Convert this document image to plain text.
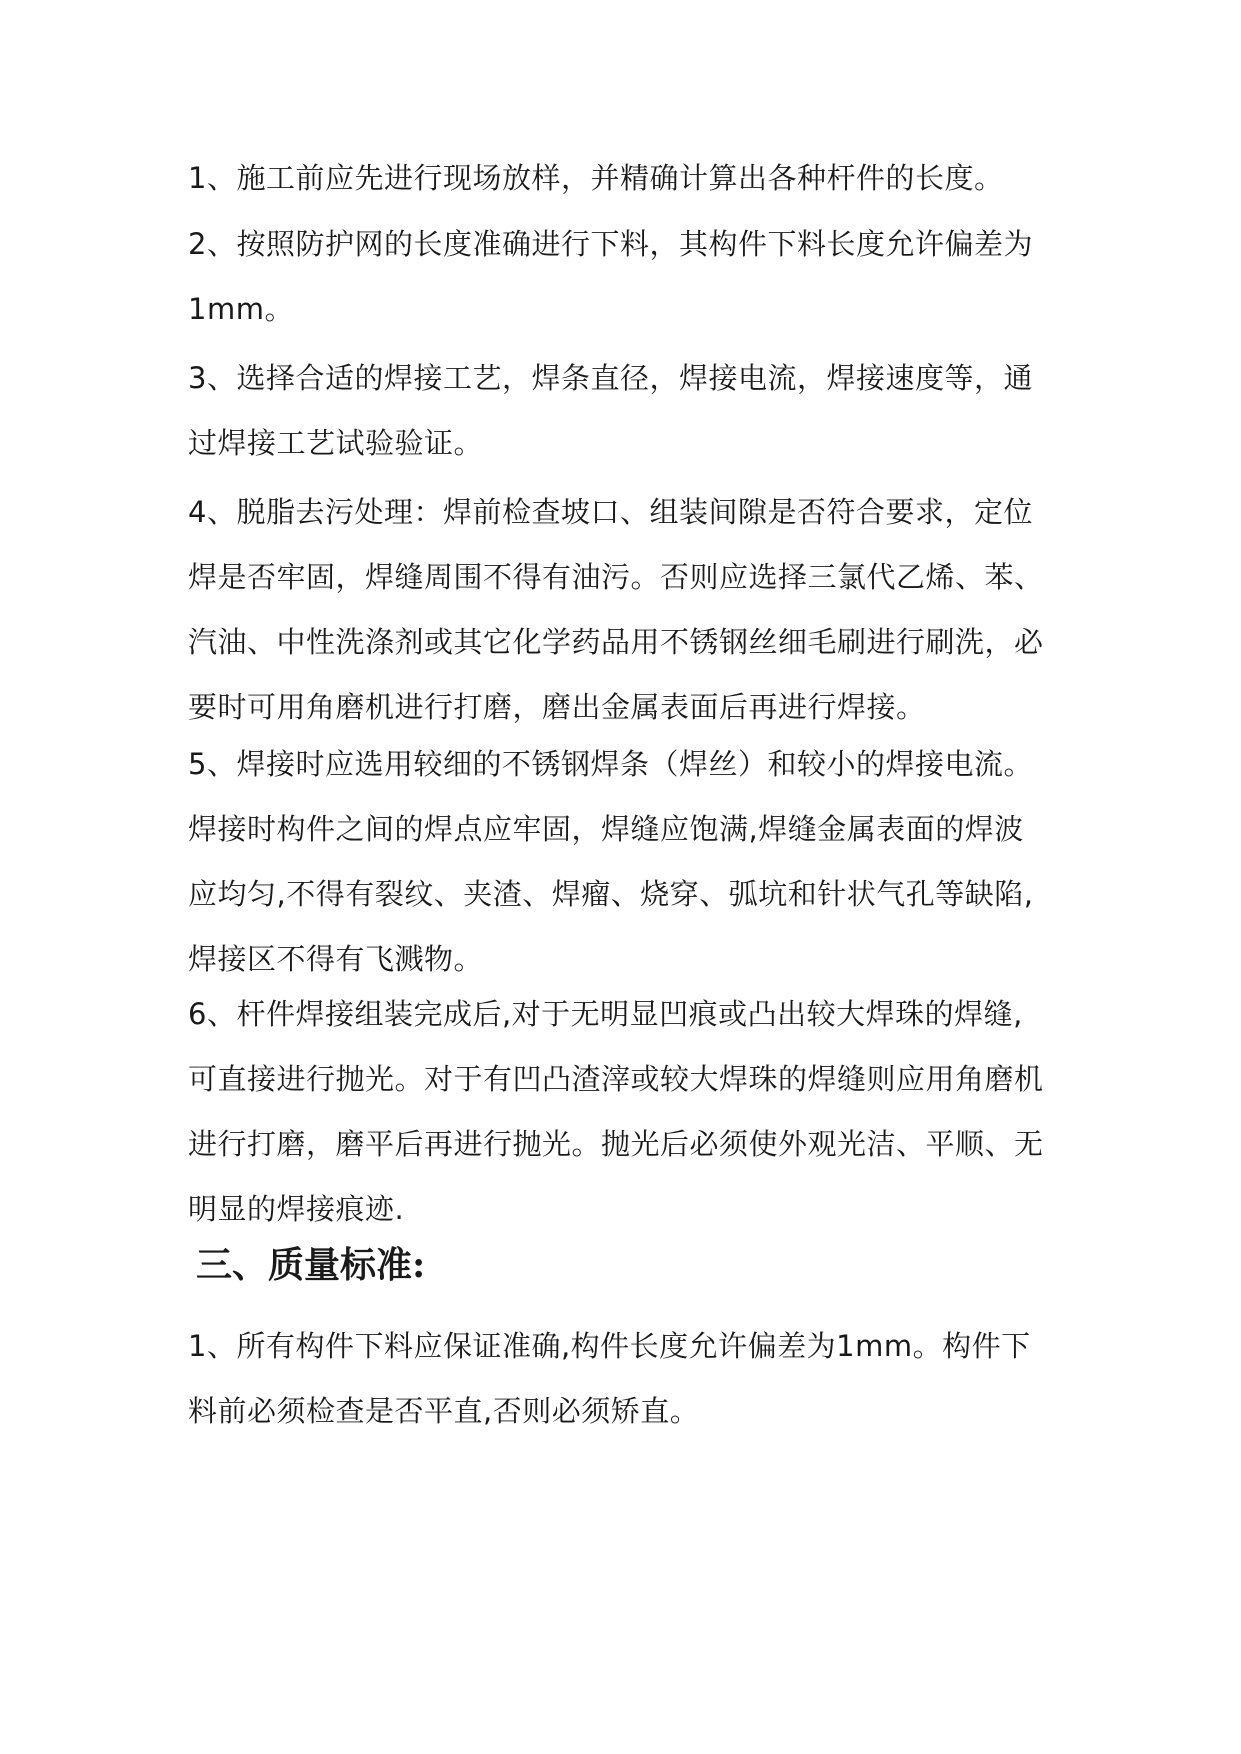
1、施工前应先进行现场放样，并精确计算出各种杆件的长度。

2、按照防护网的长度准确进行下料，其构件下料长度允许偏差为1mm。

3、选择合适的焊接工艺，焊条直径，焊接电流，焊接速度等，通过焊接工艺试验验证。

4、脱脂去污处理：焊前检查坡口、组装间隙是否符合要求，定位焊是否牢固，焊缝周围不得有油污。否则应选择三氯代乙烯、苯、汽油、中性洗涤剂或其它化学药品用不锈钢丝细毛刷进行刷洗，必要时可用角磨机进行打磨，磨出金属表面后再进行焊接。

5、焊接时应选用较细的不锈钢焊条（焊丝）和较小的焊接电流。焊接时构件之间的焊点应牢固，焊缝应饱满,焊缝金属表面的焊波应均匀,不得有裂纹、夹渣、焊瘤、烧穿、弧坑和针状气孔等缺陷,焊接区不得有飞溅物。

6、杆件焊接组装完成后,对于无明显凹痕或凸出较大焊珠的焊缝,可直接进行抛光。对于有凹凸渣滓或较大焊珠的焊缝则应用角磨机进行打磨，磨平后再进行抛光。抛光后必须使外观光洁、平顺、无明显的焊接痕迹.

三、质量标准:

1、所有构件下料应保证准确,构件长度允许偏差为1mm。构件下料前必须检查是否平直,否则必须矫直。
